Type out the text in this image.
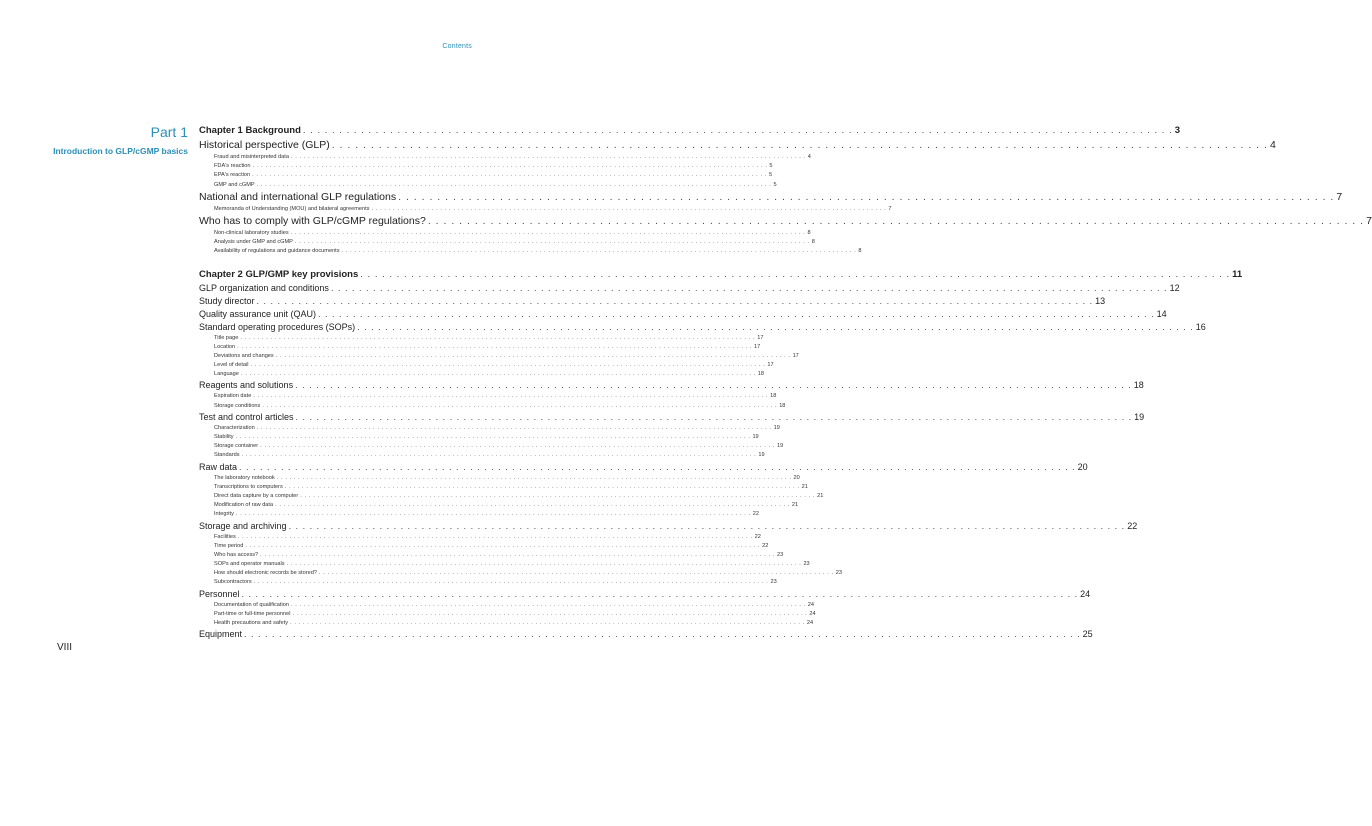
Contents
Part 1
Introduction to GLP/cGMP basics
Chapter 1 Background . . . . . . . . . . . . . . . . . . . . . . . . . . . . . . . . . . . . . . . . . . . . . . . . . . . . . . . . . . . . . . . . . . . . . . . . . . . . . . . . . . . . . . . . . . . . . . . . . . . . . . . . . . . . . . . . . . . . . . . . 3
Historical perspective (GLP) . . . . . . . . . . . . . . . . . . . . . . . . . . . . . . . . . . . . . . . . . . . . . . . . . . . . . . . . . . . . . . . . . . . . . . . . . . . . . . . . . . . . . . . . . . . . . . . . . . . . . . . . . . . . . . . . . . . . . . . . 4
Fraud and misinterpreted data . . . . . . . . . . . . . . . . . . . . . . . . . . . . . . . . . . . . . . . . . . . . . . . . . . . . . . . . . . . . . . . . . . . . . . . . . . . . . . . . . . . . . . . . . . . . . . . . . . . . . . . . . . . . . . . . . . . . . . . . 4
FDA's reaction . . . . . . . . . . . . . . . . . . . . . . . . . . . . . . . . . . . . . . . . . . . . . . . . . . . . . . . . . . . . . . . . . . . . . . . . . . . . . . . . . . . . . . . . . . . . . . . . . . . . . . . . . . . . . . . . . . . . . . . . 5
EPA's reaction . . . . . . . . . . . . . . . . . . . . . . . . . . . . . . . . . . . . . . . . . . . . . . . . . . . . . . . . . . . . . . . . . . . . . . . . . . . . . . . . . . . . . . . . . . . . . . . . . . . . . . . . . . . . . . . . . . . . . . . . 5
GMP and cGMP . . . . . . . . . . . . . . . . . . . . . . . . . . . . . . . . . . . . . . . . . . . . . . . . . . . . . . . . . . . . . . . . . . . . . . . . . . . . . . . . . . . . . . . . . . . . . . . . . . . . . . . . . . . . . . . . . . . . . . . . 5
National and international GLP regulations . . . . . . . . . . . . . . . . . . . . . . . . . . . . . . . . . . . . . . . . . . . . . . . . . . . . . . . . . . . . . . . . . . . . . . . . . . . . . . . . . . . . . . . . . . . . . . . . . . . . . . . . . . . . . . . . . . . . . . . . 7
Memoranda of Understanding (MOU) and bilateral agreements . . . . . . . . . . . . . . . . . . . . . . . . . . . . . . . . . . . . . . . . . . . . . . . . . . . . . . . . . . . . . . . . . . . . . . . . . . . . . . . . . . . . . . . . . . . . . . . . . . . . . . . . . . . . . . . . . . . . . . . . 7
Who has to comply with GLP/cGMP regulations? . . . . . . . . . . . . . . . . . . . . . . . . . . . . . . . . . . . . . . . . . . . . . . . . . . . . . . . . . . . . . . . . . . . . . . . . . . . . . . . . . . . . . . . . . . . . . . . . . . . . . . . . . . . . . . . . . . . . . . . . 7
Non-clinical laboratory studies . . . . . . . . . . . . . . . . . . . . . . . . . . . . . . . . . . . . . . . . . . . . . . . . . . . . . . . . . . . . . . . . . . . . . . . . . . . . . . . . . . . . . . . . . . . . . . . . . . . . . . . . . . . . . . . . . . . . . . . . 8
Analysis under GMP and cGMP . . . . . . . . . . . . . . . . . . . . . . . . . . . . . . . . . . . . . . . . . . . . . . . . . . . . . . . . . . . . . . . . . . . . . . . . . . . . . . . . . . . . . . . . . . . . . . . . . . . . . . . . . . . . . . . . . . . . . . . . 8
Availability of regulations and guidance documents . . . . . . . . . . . . . . . . . . . . . . . . . . . . . . . . . . . . . . . . . . . . . . . . . . . . . . . . . . . . . . . . . . . . . . . . . . . . . . . . . . . . . . . . . . . . . . . . . . . . . . . . . . . . . . . . . . . . . . . . 8
Chapter 2 GLP/GMP key provisions . . . . . . . . . . . . . . . . . . . . . . . . . . . . . . . . . . . . . . . . . . . . . . . . . . . . . . . . . . . . . . . . . . . . . . . . . . . . . . . . . . . . . . . . . . . . . . . . . . . . . . . . . . . . . . . . . . . . . . . . 11
GLP organization and conditions . . . . . . . . . . . . . . . . . . . . . . . . . . . . . . . . . . . . . . . . . . . . . . . . . . . . . . . . . . . . . . . . . . . . . . . . . . . . . . . . . . . . . . . . . . . . . . . . . . . . . . . . . . . . . . . . . . . . . . . . 12
Study director . . . . . . . . . . . . . . . . . . . . . . . . . . . . . . . . . . . . . . . . . . . . . . . . . . . . . . . . . . . . . . . . . . . . . . . . . . . . . . . . . . . . . . . . . . . . . . . . . . . . . . . . . . . . . . . . . . . . . . . . 13
Quality assurance unit (QAU) . . . . . . . . . . . . . . . . . . . . . . . . . . . . . . . . . . . . . . . . . . . . . . . . . . . . . . . . . . . . . . . . . . . . . . . . . . . . . . . . . . . . . . . . . . . . . . . . . . . . . . . . . . . . . . . . . . . . . . . . 14
Standard operating procedures (SOPs) . . . . . . . . . . . . . . . . . . . . . . . . . . . . . . . . . . . . . . . . . . . . . . . . . . . . . . . . . . . . . . . . . . . . . . . . . . . . . . . . . . . . . . . . . . . . . . . . . . . . . . . . . . . . . . . . . . . . . . . . 16
Title page . . . . . . . . . . . . . . . . . . . . . . . . . . . . . . . . . . . . . . . . . . . . . . . . . . . . . . . . . . . . . . . . . . . . . . . . . . . . . . . . . . . . . . . . . . . . . . . . . . . . . . . . . . . . . . . . . . . . . . . . 17
Location . . . . . . . . . . . . . . . . . . . . . . . . . . . . . . . . . . . . . . . . . . . . . . . . . . . . . . . . . . . . . . . . . . . . . . . . . . . . . . . . . . . . . . . . . . . . . . . . . . . . . . . . . . . . . . . . . . . . . . . . 17
Deviations and changes . . . . . . . . . . . . . . . . . . . . . . . . . . . . . . . . . . . . . . . . . . . . . . . . . . . . . . . . . . . . . . . . . . . . . . . . . . . . . . . . . . . . . . . . . . . . . . . . . . . . . . . . . . . . . . . . . . . . . . . . 17
Level of detail . . . . . . . . . . . . . . . . . . . . . . . . . . . . . . . . . . . . . . . . . . . . . . . . . . . . . . . . . . . . . . . . . . . . . . . . . . . . . . . . . . . . . . . . . . . . . . . . . . . . . . . . . . . . . . . . . . . . . . . . 17
Language . . . . . . . . . . . . . . . . . . . . . . . . . . . . . . . . . . . . . . . . . . . . . . . . . . . . . . . . . . . . . . . . . . . . . . . . . . . . . . . . . . . . . . . . . . . . . . . . . . . . . . . . . . . . . . . . . . . . . . . . 18
Reagents and solutions . . . . . . . . . . . . . . . . . . . . . . . . . . . . . . . . . . . . . . . . . . . . . . . . . . . . . . . . . . . . . . . . . . . . . . . . . . . . . . . . . . . . . . . . . . . . . . . . . . . . . . . . . . . . . . . . . . . . . . . . 18
Expiration date . . . . . . . . . . . . . . . . . . . . . . . . . . . . . . . . . . . . . . . . . . . . . . . . . . . . . . . . . . . . . . . . . . . . . . . . . . . . . . . . . . . . . . . . . . . . . . . . . . . . . . . . . . . . . . . . . . . . . . . . 18
Storage conditions . . . . . . . . . . . . . . . . . . . . . . . . . . . . . . . . . . . . . . . . . . . . . . . . . . . . . . . . . . . . . . . . . . . . . . . . . . . . . . . . . . . . . . . . . . . . . . . . . . . . . . . . . . . . . . . . . . . . . . . . 18
Test and control articles . . . . . . . . . . . . . . . . . . . . . . . . . . . . . . . . . . . . . . . . . . . . . . . . . . . . . . . . . . . . . . . . . . . . . . . . . . . . . . . . . . . . . . . . . . . . . . . . . . . . . . . . . . . . . . . . . . . . . . . . 19
Characterization . . . . . . . . . . . . . . . . . . . . . . . . . . . . . . . . . . . . . . . . . . . . . . . . . . . . . . . . . . . . . . . . . . . . . . . . . . . . . . . . . . . . . . . . . . . . . . . . . . . . . . . . . . . . . . . . . . . . . . . . 19
Stability . . . . . . . . . . . . . . . . . . . . . . . . . . . . . . . . . . . . . . . . . . . . . . . . . . . . . . . . . . . . . . . . . . . . . . . . . . . . . . . . . . . . . . . . . . . . . . . . . . . . . . . . . . . . . . . . . . . . . . . . 19
Storage container . . . . . . . . . . . . . . . . . . . . . . . . . . . . . . . . . . . . . . . . . . . . . . . . . . . . . . . . . . . . . . . . . . . . . . . . . . . . . . . . . . . . . . . . . . . . . . . . . . . . . . . . . . . . . . . . . . . . . . . . 19
Standards . . . . . . . . . . . . . . . . . . . . . . . . . . . . . . . . . . . . . . . . . . . . . . . . . . . . . . . . . . . . . . . . . . . . . . . . . . . . . . . . . . . . . . . . . . . . . . . . . . . . . . . . . . . . . . . . . . . . . . . . 19
Raw data . . . . . . . . . . . . . . . . . . . . . . . . . . . . . . . . . . . . . . . . . . . . . . . . . . . . . . . . . . . . . . . . . . . . . . . . . . . . . . . . . . . . . . . . . . . . . . . . . . . . . . . . . . . . . . . . . . . . . . . . 20
The laboratory notebook . . . . . . . . . . . . . . . . . . . . . . . . . . . . . . . . . . . . . . . . . . . . . . . . . . . . . . . . . . . . . . . . . . . . . . . . . . . . . . . . . . . . . . . . . . . . . . . . . . . . . . . . . . . . . . . . . . . . . . . . 20
Transcriptions to computers . . . . . . . . . . . . . . . . . . . . . . . . . . . . . . . . . . . . . . . . . . . . . . . . . . . . . . . . . . . . . . . . . . . . . . . . . . . . . . . . . . . . . . . . . . . . . . . . . . . . . . . . . . . . . . . . . . . . . . . . 21
Direct data capture by a computer . . . . . . . . . . . . . . . . . . . . . . . . . . . . . . . . . . . . . . . . . . . . . . . . . . . . . . . . . . . . . . . . . . . . . . . . . . . . . . . . . . . . . . . . . . . . . . . . . . . . . . . . . . . . . . . . . . . . . . . . 21
Modification of raw data . . . . . . . . . . . . . . . . . . . . . . . . . . . . . . . . . . . . . . . . . . . . . . . . . . . . . . . . . . . . . . . . . . . . . . . . . . . . . . . . . . . . . . . . . . . . . . . . . . . . . . . . . . . . . . . . . . . . . . . . 21
Integrity . . . . . . . . . . . . . . . . . . . . . . . . . . . . . . . . . . . . . . . . . . . . . . . . . . . . . . . . . . . . . . . . . . . . . . . . . . . . . . . . . . . . . . . . . . . . . . . . . . . . . . . . . . . . . . . . . . . . . . . . 22
Storage and archiving . . . . . . . . . . . . . . . . . . . . . . . . . . . . . . . . . . . . . . . . . . . . . . . . . . . . . . . . . . . . . . . . . . . . . . . . . . . . . . . . . . . . . . . . . . . . . . . . . . . . . . . . . . . . . . . . . . . . . . . . 22
Facilities . . . . . . . . . . . . . . . . . . . . . . . . . . . . . . . . . . . . . . . . . . . . . . . . . . . . . . . . . . . . . . . . . . . . . . . . . . . . . . . . . . . . . . . . . . . . . . . . . . . . . . . . . . . . . . . . . . . . . . . . 22
Time period . . . . . . . . . . . . . . . . . . . . . . . . . . . . . . . . . . . . . . . . . . . . . . . . . . . . . . . . . . . . . . . . . . . . . . . . . . . . . . . . . . . . . . . . . . . . . . . . . . . . . . . . . . . . . . . . . . . . . . . . 22
Who has access? . . . . . . . . . . . . . . . . . . . . . . . . . . . . . . . . . . . . . . . . . . . . . . . . . . . . . . . . . . . . . . . . . . . . . . . . . . . . . . . . . . . . . . . . . . . . . . . . . . . . . . . . . . . . . . . . . . . . . . . . 23
SOPs and operator manuals . . . . . . . . . . . . . . . . . . . . . . . . . . . . . . . . . . . . . . . . . . . . . . . . . . . . . . . . . . . . . . . . . . . . . . . . . . . . . . . . . . . . . . . . . . . . . . . . . . . . . . . . . . . . . . . . . . . . . . . . 23
How should electronic records be stored? . . . . . . . . . . . . . . . . . . . . . . . . . . . . . . . . . . . . . . . . . . . . . . . . . . . . . . . . . . . . . . . . . . . . . . . . . . . . . . . . . . . . . . . . . . . . . . . . . . . . . . . . . . . . . . . . . . . . . . . . 23
Subcontractors . . . . . . . . . . . . . . . . . . . . . . . . . . . . . . . . . . . . . . . . . . . . . . . . . . . . . . . . . . . . . . . . . . . . . . . . . . . . . . . . . . . . . . . . . . . . . . . . . . . . . . . . . . . . . . . . . . . . . . . . 23
Personnel . . . . . . . . . . . . . . . . . . . . . . . . . . . . . . . . . . . . . . . . . . . . . . . . . . . . . . . . . . . . . . . . . . . . . . . . . . . . . . . . . . . . . . . . . . . . . . . . . . . . . . . . . . . . . . . . . . . . . . . . 24
Documentation of qualification . . . . . . . . . . . . . . . . . . . . . . . . . . . . . . . . . . . . . . . . . . . . . . . . . . . . . . . . . . . . . . . . . . . . . . . . . . . . . . . . . . . . . . . . . . . . . . . . . . . . . . . . . . . . . . . . . . . . . . . . 24
Part-time or full-time personnel . . . . . . . . . . . . . . . . . . . . . . . . . . . . . . . . . . . . . . . . . . . . . . . . . . . . . . . . . . . . . . . . . . . . . . . . . . . . . . . . . . . . . . . . . . . . . . . . . . . . . . . . . . . . . . . . . . . . . . . . 24
Health precautions and safety . . . . . . . . . . . . . . . . . . . . . . . . . . . . . . . . . . . . . . . . . . . . . . . . . . . . . . . . . . . . . . . . . . . . . . . . . . . . . . . . . . . . . . . . . . . . . . . . . . . . . . . . . . . . . . . . . . . . . . . . 24
Equipment . . . . . . . . . . . . . . . . . . . . . . . . . . . . . . . . . . . . . . . . . . . . . . . . . . . . . . . . . . . . . . . . . . . . . . . . . . . . . . . . . . . . . . . . . . . . . . . . . . . . . . . . . . . . . . . . . . . . . . . . 25
VIII
